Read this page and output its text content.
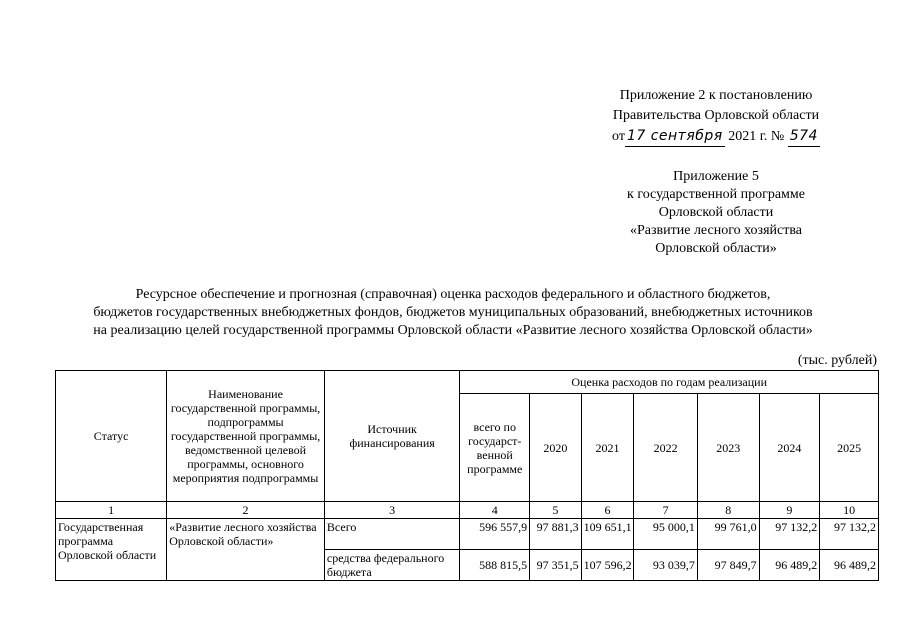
Приложение 2 к постановлению
Правительства Орловской области
от 17 сентября 2021 г. № 574
Приложение 5
к государственной программе
Орловской области
«Развитие лесного хозяйства
Орловской области»
Ресурсное обеспечение и прогнозная (справочная) оценка расходов федерального и областного бюджетов,
бюджетов государственных внебюджетных фондов, бюджетов муниципальных образований, внебюджетных источников
на реализацию целей государственной программы Орловской области «Развитие лесного хозяйства Орловской области»
(тыс. рублей)
Статус	Наименование государственной программы, подпрограммы государственной программы, ведомственной целевой программы, основного мероприятия подпрограммы	Источник финансирования	Оценка расходов по годам реализации						
			всего по государст-венной программе	2020	2021	2022	2023	2024	2025
1	2	3	4	5	6	7	8	9	10
Государственная программа Орловской области	«Развитие лесного хозяйства Орловской области»	Всего	596 557,9	97 881,3	109 651,1	95 000,1	99 761,0	97 132,2	97 132,2
		средства федерального бюджета	588 815,5	97 351,5	107 596,2	93 039,7	97 849,7	96 489,2	96 489,2
